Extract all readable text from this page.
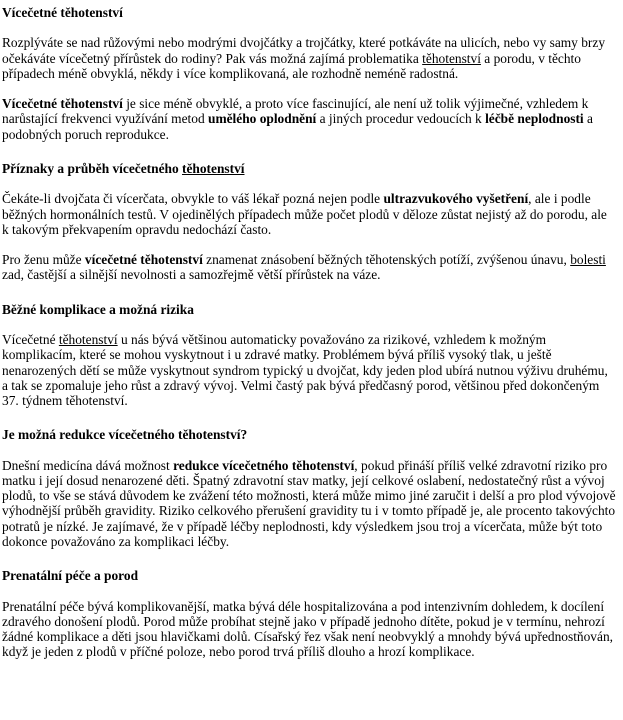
Vícečetné těhotenství

Rozplýváte se nad růžovými nebo modrými dvojčátky a trojčátky, které potkáváte na ulicích, nebo vy samy brzy očekáváte vícečetný přírůstek do rodiny? Pak vás možná zajímá problematika těhotenství a porodu, v těchto případech méně obvyklá, někdy i více komplikovaná, ale rozhodně neméně radostná.

Vícečetné těhotenství je sice méně obvyklé, a proto více fascinující, ale není už tolik výjimečné, vzhledem k narůstající frekvenci využívání metod umělého oplodnění a jiných procedur vedoucích k léčbě neplodnosti a podobných poruch reprodukce.

Příznaky a průběh vícečetného těhotenství

Čekáte-li dvojčata či vícerčata, obvykle to váš lékař pozná nejen podle ultrazvukového vyšetření, ale i podle běžných hormonálních testů. V ojedinělých případech může počet plodů v děloze zůstat nejistý až do porodu, ale k takovým překvapením opravdu nedochází často.

Pro ženu může vícečetné těhotenství znamenat znásobení běžných těhotenských potíží, zvýšenou únavu, bolesti zad, častější a silnější nevolnosti a samozřejmě větší přírůstek na váze.

Běžné komplikace a možná rizika

Vícečetné těhotenství u nás bývá většinou automaticky považováno za rizikové, vzhledem k možným komplikacím, které se mohou vyskytnout i u zdravé matky. Problémem bývá příliš vysoký tlak, u ještě nenarozených dětí se může vyskytnout syndrom typický u dvojčat, kdy jeden plod ubírá nutnou výživu druhému, a tak se zpomaluje jeho růst a zdravý vývoj. Velmi častý pak bývá předčasný porod, většinou před dokončeným 37. týdnem těhotenství.

Je možná redukce vícečetného těhotenství?

Dnešní medicína dává možnost redukce vícečetného těhotenství, pokud přináší příliš velké zdravotní riziko pro matku i její dosud nenarozené děti. Špatný zdravotní stav matky, její celkové oslabení, nedostatečný růst a vývoj plodů, to vše se stává důvodem ke zvážení této možnosti, která může mimo jiné zaručit i delší a pro plod vývojově výhodnější průběh gravidity. Riziko celkového přerušení gravidity tu i v tomto případě je, ale procento takovýchto potratů je nízké. Je zajímavé, že v případě léčby neplodnosti, kdy výsledkem jsou troj a vícerčata, může být toto dokonce považováno za komplikaci léčby.

Prenatální péče a porod

Prenatální péče bývá komplikovanější, matka bývá déle hospitalizována a pod intenzivním dohledem, k docílení zdravého donošení plodů. Porod může probíhat stejně jako v případě jednoho dítěte, pokud je v termínu, nehrozí žádné komplikace a děti jsou hlavičkami dolů. Císařský řez však není neobvyklý a mnohdy bývá upřednostňován, když je jeden z plodů v příčné poloze, nebo porod trvá příliš dlouho a hrozí komplikace.
